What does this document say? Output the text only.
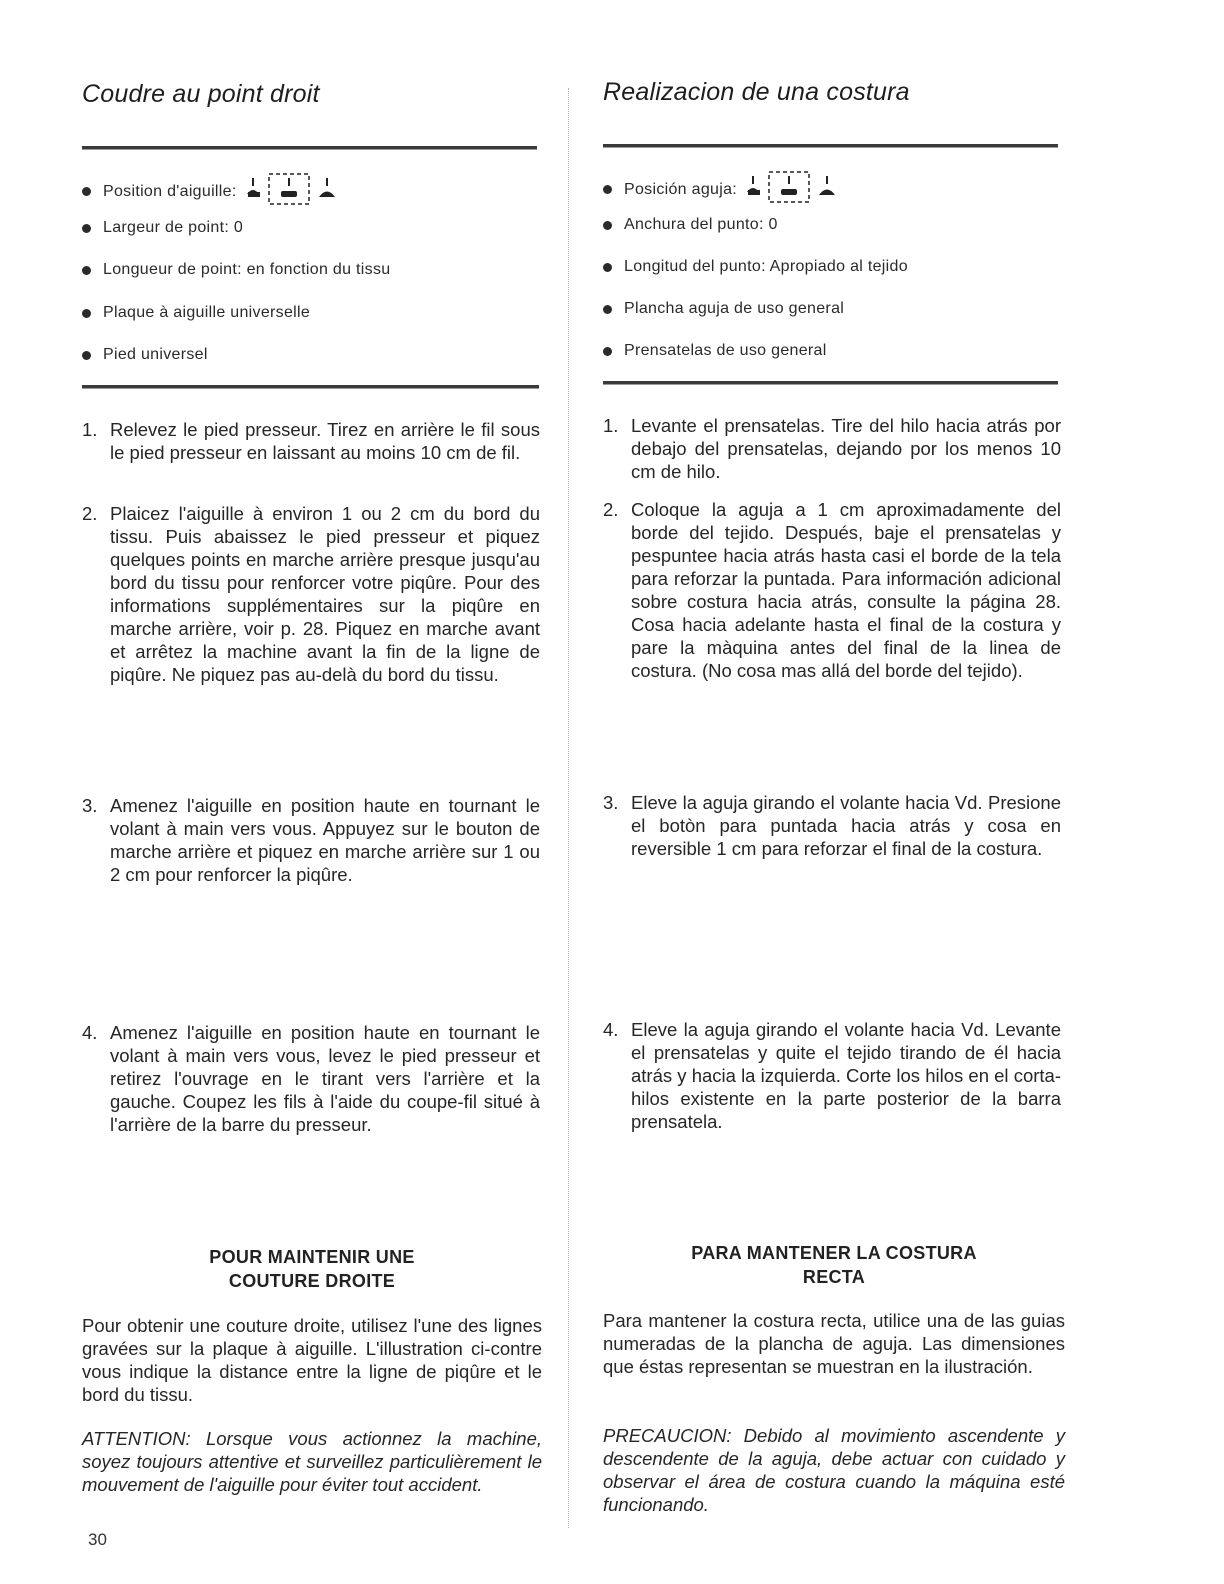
Coudre au point droit
Position d'aiguille:
Largeur de point: 0
Longueur de point: en fonction du tissu
Plaque à aiguille universelle
Pied universel
1. Relevez le pied presseur. Tirez en arrière le fil sous le pied presseur en laissant au moins 10 cm de fil.
2. Plaicez l'aiguille à environ 1 ou 2 cm du bord du tissu. Puis abaissez le pied presseur et piquez quelques points en marche arrière presque jusqu'au bord du tissu pour renforcer votre piqûre. Pour des informations supplémentaires sur la piqûre en marche arrière, voir p. 28. Piquez en marche avant et arrêtez la machine avant la fin de la ligne de piqûre. Ne piquez pas au-delà du bord du tissu.
3. Amenez l'aiguille en position haute en tournant le volant à main vers vous. Appuyez sur le bouton de marche arrière et piquez en marche arrière sur 1 ou 2 cm pour renforcer la piqûre.
4. Amenez l'aiguille en position haute en tournant le volant à main vers vous, levez le pied presseur et retirez l'ouvrage en le tirant vers l'arrière et la gauche. Coupez les fils à l'aide du coupe-fil situé à l'arrière de la barre du presseur.
POUR MAINTENIR UNE
COUTURE DROITE

Pour obtenir une couture droite, utilisez l'une des lignes gravées sur la plaque à aiguille. L'illustration ci-contre vous indique la distance entre la ligne de piqûre et le bord du tissu.

ATTENTION: Lorsque vous actionnez la machine, soyez toujours attentive et surveillez particulièrement le mouvement de l'aiguille pour éviter tout accident.

Realizacion de una costura
Posición aguja:
Anchura del punto: 0
Longitud del punto: Apropiado al tejido
Plancha aguja de uso general
Prensatelas de uso general
1. Levante el prensatelas. Tire del hilo hacia atrás por debajo del prensatelas, dejando por los menos 10 cm de hilo.
2. Coloque la aguja a 1 cm aproximadamente del borde del tejido. Después, baje el prensatelas y pespuntee hacia atrás hasta casi el borde de la tela para reforzar la puntada. Para información adicional sobre costura hacia atrás, consulte la página 28. Cosa hacia adelante hasta el final de la costura y pare la màquina antes del final de la linea de costura. (No cosa mas allá del borde del tejido).
3. Eleve la aguja girando el volante hacia Vd. Presione el botòn para puntada hacia atrás y cosa en reversible 1 cm para reforzar el final de la costura.
4. Eleve la aguja girando el volante hacia Vd. Levante el prensatelas y quite el tejido tirando de él hacia atrás y hacia la izquierda. Corte los hilos en el corta-hilos existente en la parte posterior de la barra prensatela.
PARA MANTENER LA COSTURA
RECTA

Para mantener la costura recta, utilice una de las guias numeradas de la plancha de aguja. Las dimensiones que éstas representan se muestran en la ilustración.

PRECAUCION: Debido al movimiento ascendente y descendente de la aguja, debe actuar con cuidado y observar el área de costura cuando la máquina esté funcionando.

30
